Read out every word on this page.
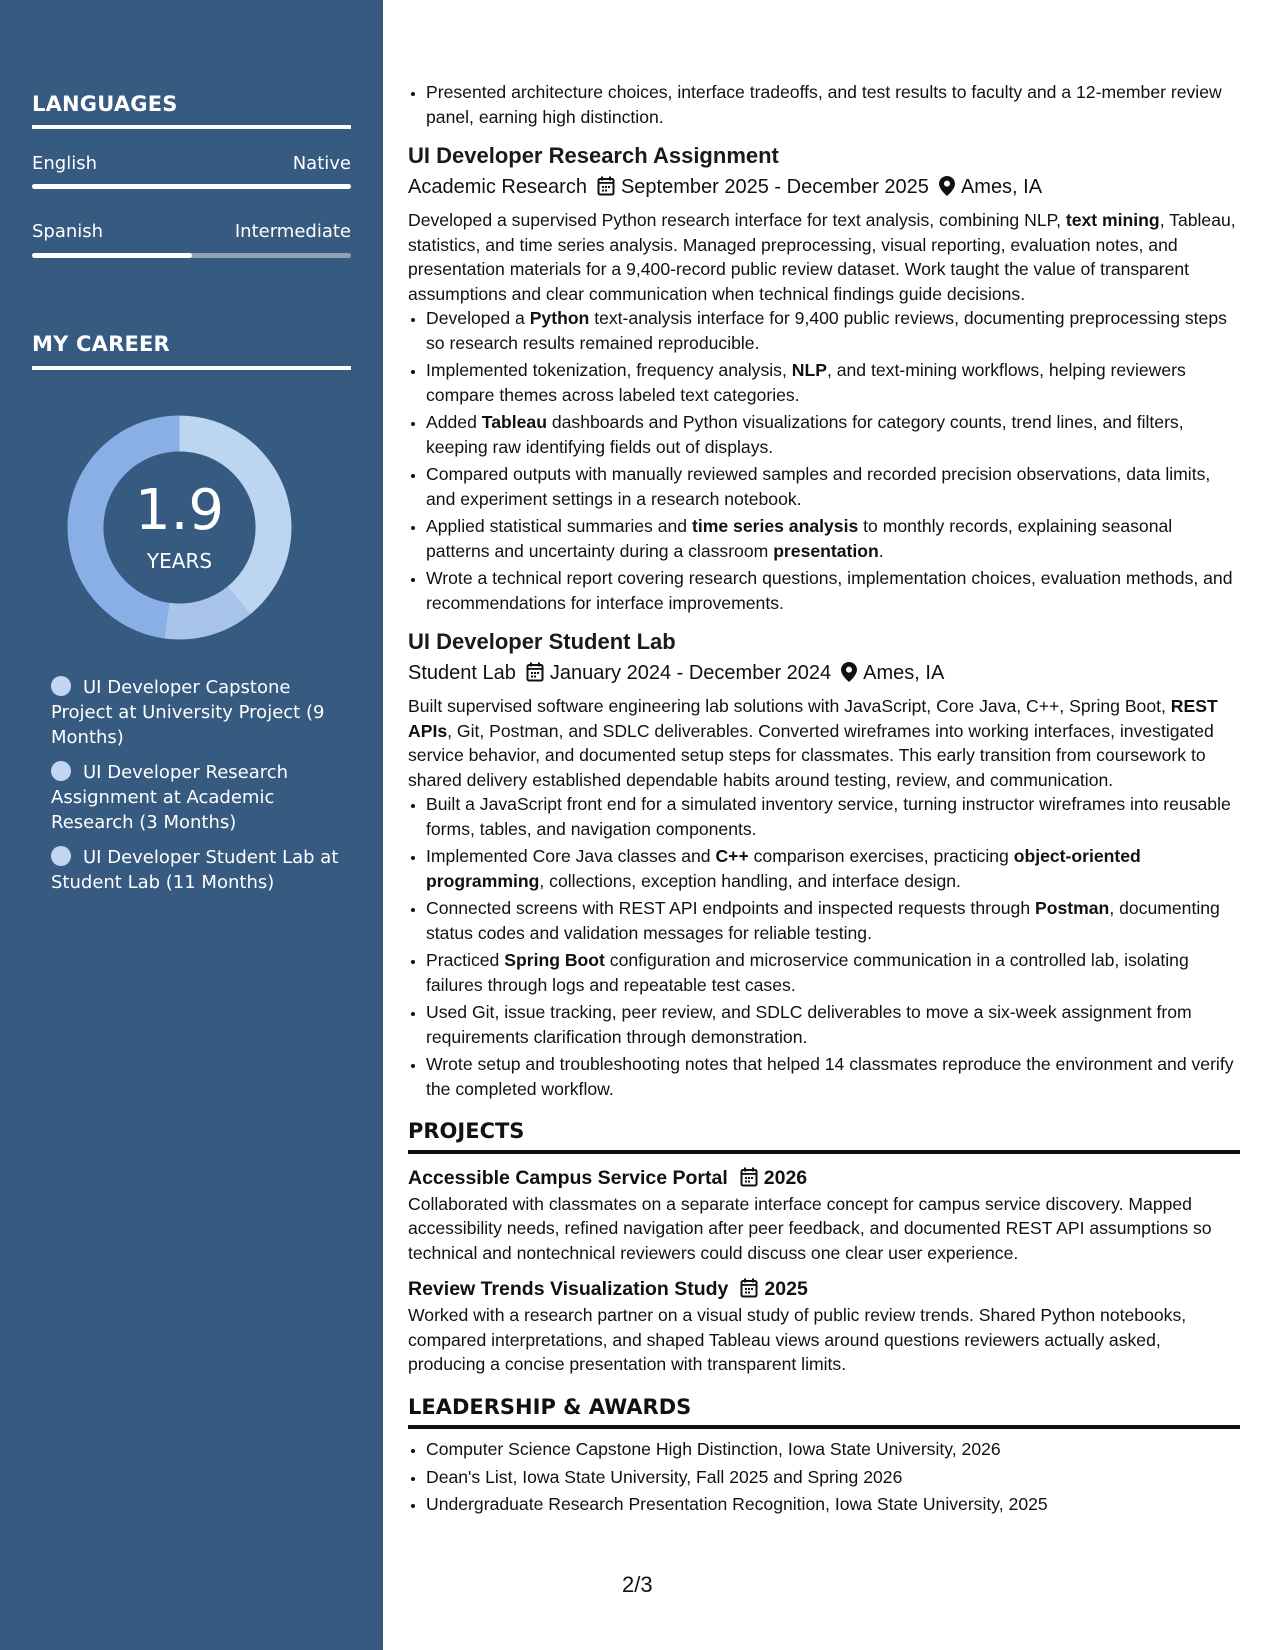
LANGUAGES
English	Native
Spanish	Intermediate
MY CAREER
1.9
YEARS
UI Developer Capstone Project at University Project (9 Months)
UI Developer Research Assignment at Academic Research (3 Months)
UI Developer Student Lab at Student Lab (11 Months)
• Presented architecture choices, interface tradeoffs, and test results to faculty and a 12-member review panel, earning high distinction.
UI Developer Research Assignment
Academic Research September 2025 - December 2025 Ames, IA
Developed a supervised Python research interface for text analysis, combining NLP, text mining, Tableau, statistics, and time series analysis. Managed preprocessing, visual reporting, evaluation notes, and presentation materials for a 9,400-record public review dataset. Work taught the value of transparent assumptions and clear communication when technical findings guide decisions.
• Developed a Python text-analysis interface for 9,400 public reviews, documenting preprocessing steps so research results remained reproducible.
• Implemented tokenization, frequency analysis, NLP, and text-mining workflows, helping reviewers compare themes across labeled text categories.
• Added Tableau dashboards and Python visualizations for category counts, trend lines, and filters, keeping raw identifying fields out of displays.
• Compared outputs with manually reviewed samples and recorded precision observations, data limits, and experiment settings in a research notebook.
• Applied statistical summaries and time series analysis to monthly records, explaining seasonal patterns and uncertainty during a classroom presentation.
• Wrote a technical report covering research questions, implementation choices, evaluation methods, and recommendations for interface improvements.
UI Developer Student Lab
Student Lab January 2024 - December 2024 Ames, IA
Built supervised software engineering lab solutions with JavaScript, Core Java, C++, Spring Boot, REST APIs, Git, Postman, and SDLC deliverables. Converted wireframes into working interfaces, investigated service behavior, and documented setup steps for classmates. This early transition from coursework to shared delivery established dependable habits around testing, review, and communication.
• Built a JavaScript front end for a simulated inventory service, turning instructor wireframes into reusable forms, tables, and navigation components.
• Implemented Core Java classes and C++ comparison exercises, practicing object-oriented programming, collections, exception handling, and interface design.
• Connected screens with REST API endpoints and inspected requests through Postman, documenting status codes and validation messages for reliable testing.
• Practiced Spring Boot configuration and microservice communication in a controlled lab, isolating failures through logs and repeatable test cases.
• Used Git, issue tracking, peer review, and SDLC deliverables to move a six-week assignment from requirements clarification through demonstration.
• Wrote setup and troubleshooting notes that helped 14 classmates reproduce the environment and verify the completed workflow.
PROJECTS
Accessible Campus Service Portal 2026
Collaborated with classmates on a separate interface concept for campus service discovery. Mapped accessibility needs, refined navigation after peer feedback, and documented REST API assumptions so technical and nontechnical reviewers could discuss one clear user experience.
Review Trends Visualization Study 2025
Worked with a research partner on a visual study of public review trends. Shared Python notebooks, compared interpretations, and shaped Tableau views around questions reviewers actually asked, producing a concise presentation with transparent limits.
LEADERSHIP & AWARDS
• Computer Science Capstone High Distinction, Iowa State University, 2026
• Dean's List, Iowa State University, Fall 2025 and Spring 2026
• Undergraduate Research Presentation Recognition, Iowa State University, 2025
2/3
